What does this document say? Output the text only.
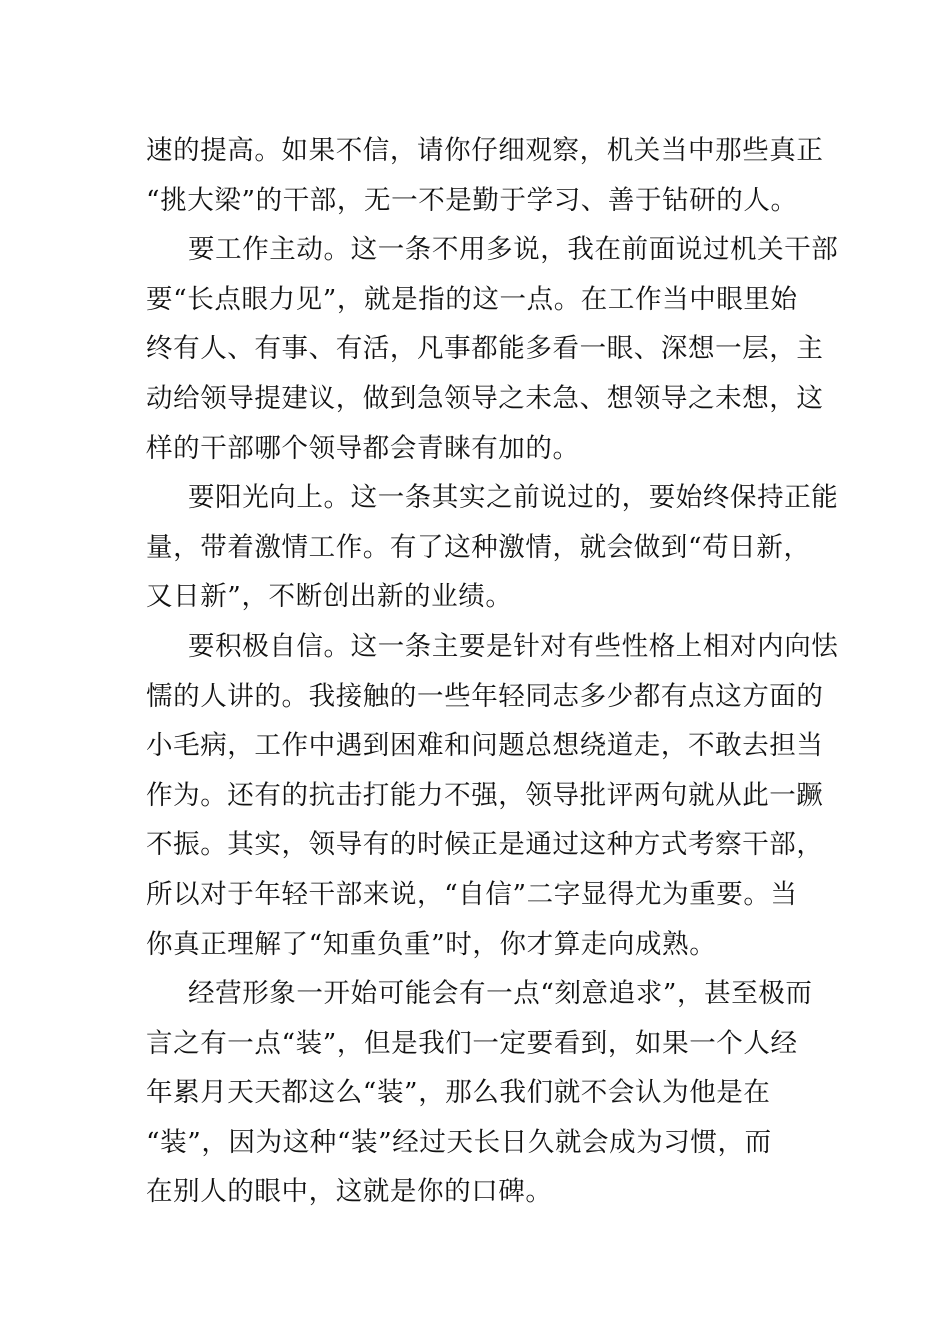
速的提高。如果不信，请你仔细观察，机关当中那些真正
“挑大梁”的干部，无一不是勤于学习、善于钻研的人。
要工作主动。这一条不用多说，我在前面说过机关干部
要“长点眼力见”，就是指的这一点。在工作当中眼里始
终有人、有事、有活，凡事都能多看一眼、深想一层，主
动给领导提建议，做到急领导之未急、想领导之未想，这
样的干部哪个领导都会青睐有加的。
要阳光向上。这一条其实之前说过的，要始终保持正能
量，带着激情工作。有了这种激情，就会做到“苟日新，
又日新”，不断创出新的业绩。
要积极自信。这一条主要是针对有些性格上相对内向怯
懦的人讲的。我接触的一些年轻同志多少都有点这方面的
小毛病，工作中遇到困难和问题总想绕道走，不敢去担当
作为。还有的抗击打能力不强，领导批评两句就从此一蹶
不振。其实，领导有的时候正是通过这种方式考察干部，
所以对于年轻干部来说，“自信”二字显得尤为重要。当
你真正理解了“知重负重”时，你才算走向成熟。
经营形象一开始可能会有一点“刻意追求”，甚至极而
言之有一点“装”，但是我们一定要看到，如果一个人经
年累月天天都这么“装”，那么我们就不会认为他是在
“装”，因为这种“装”经过天长日久就会成为习惯，而
在别人的眼中，这就是你的口碑。
